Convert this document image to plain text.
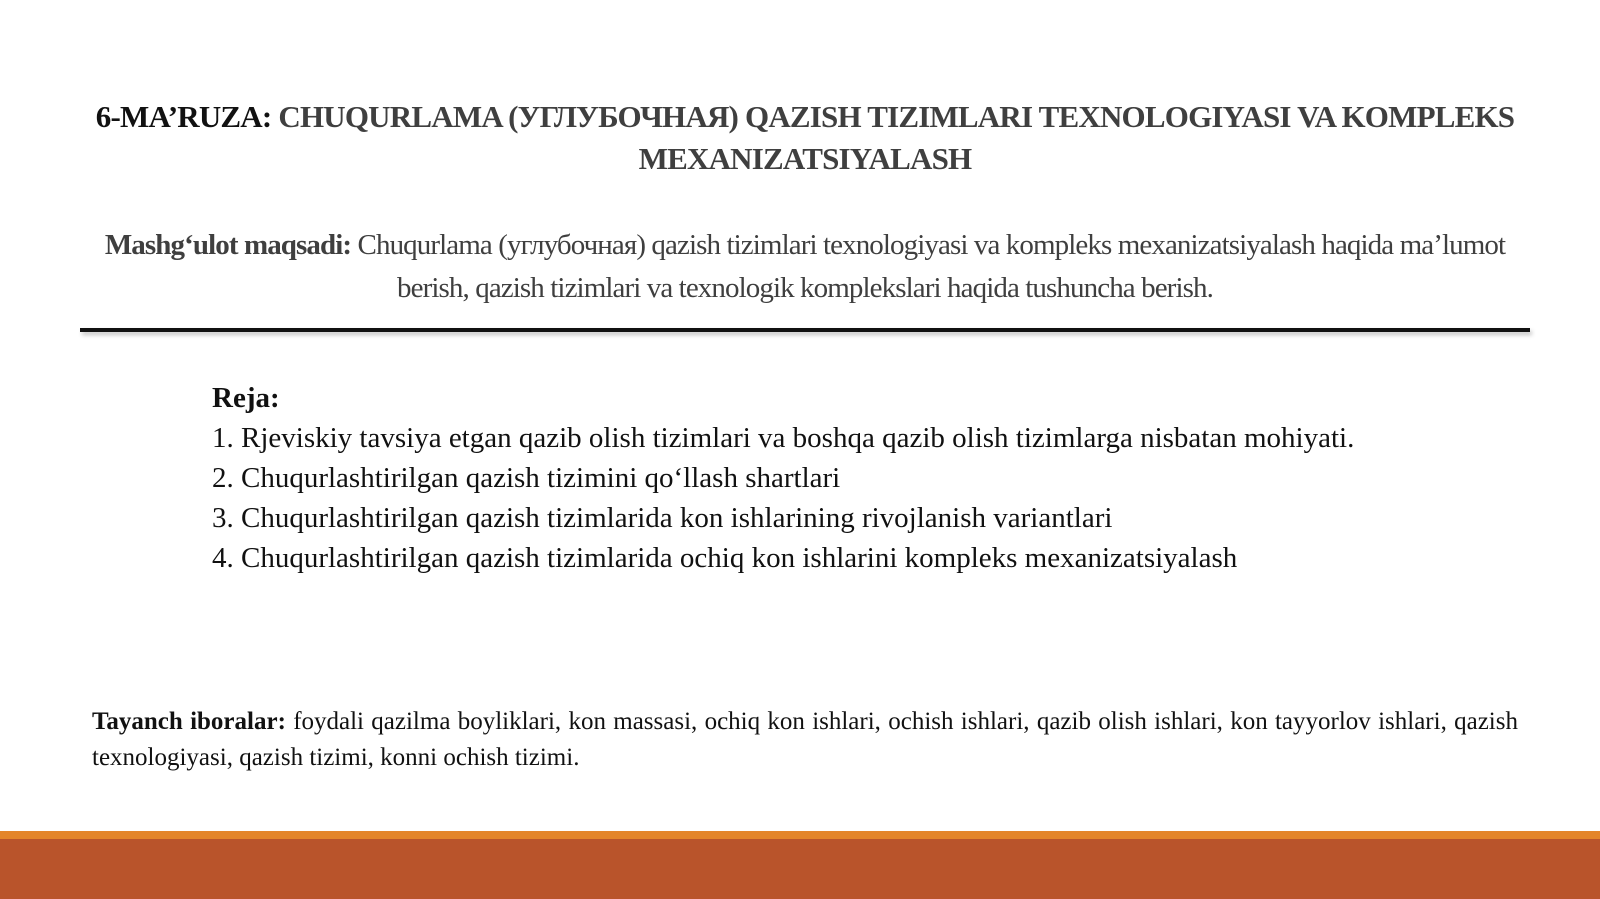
6-MA’RUZA: CHUQURLAMA (УГЛУБОЧНАЯ) QAZISH TIZIMLARI TEXNOLOGIYASI VA KOMPLEKS MEXANIZATSIYALASH
Mashg‘ulot maqsadi: Chuqurlama (углубочная) qazish tizimlari texnologiyasi va kompleks mexanizatsiyalash haqida ma’lumot berish, qazish tizimlari va texnologik komplekslari haqida tushuncha berish.
Reja:

1. Rjeviskiy tavsiya etgan qazib olish tizimlari va boshqa qazib olish tizimlarga nisbatan mohiyati.

2. Chuqurlashtirilgan qazish tizimini qo‘llash shartlari

3. Chuqurlashtirilgan qazish tizimlarida kon ishlarining rivojlanish variantlari

4. Chuqurlashtirilgan qazish tizimlarida ochiq kon ishlarini kompleks mexanizatsiyalash

Tayanch iboralar: foydali qazilma boyliklari, kon massasi, ochiq kon ishlari, ochish ishlari, qazib olish ishlari, kon tayyorlov ishlari, qazish texnologiyasi, qazish tizimi, konni ochish tizimi.
